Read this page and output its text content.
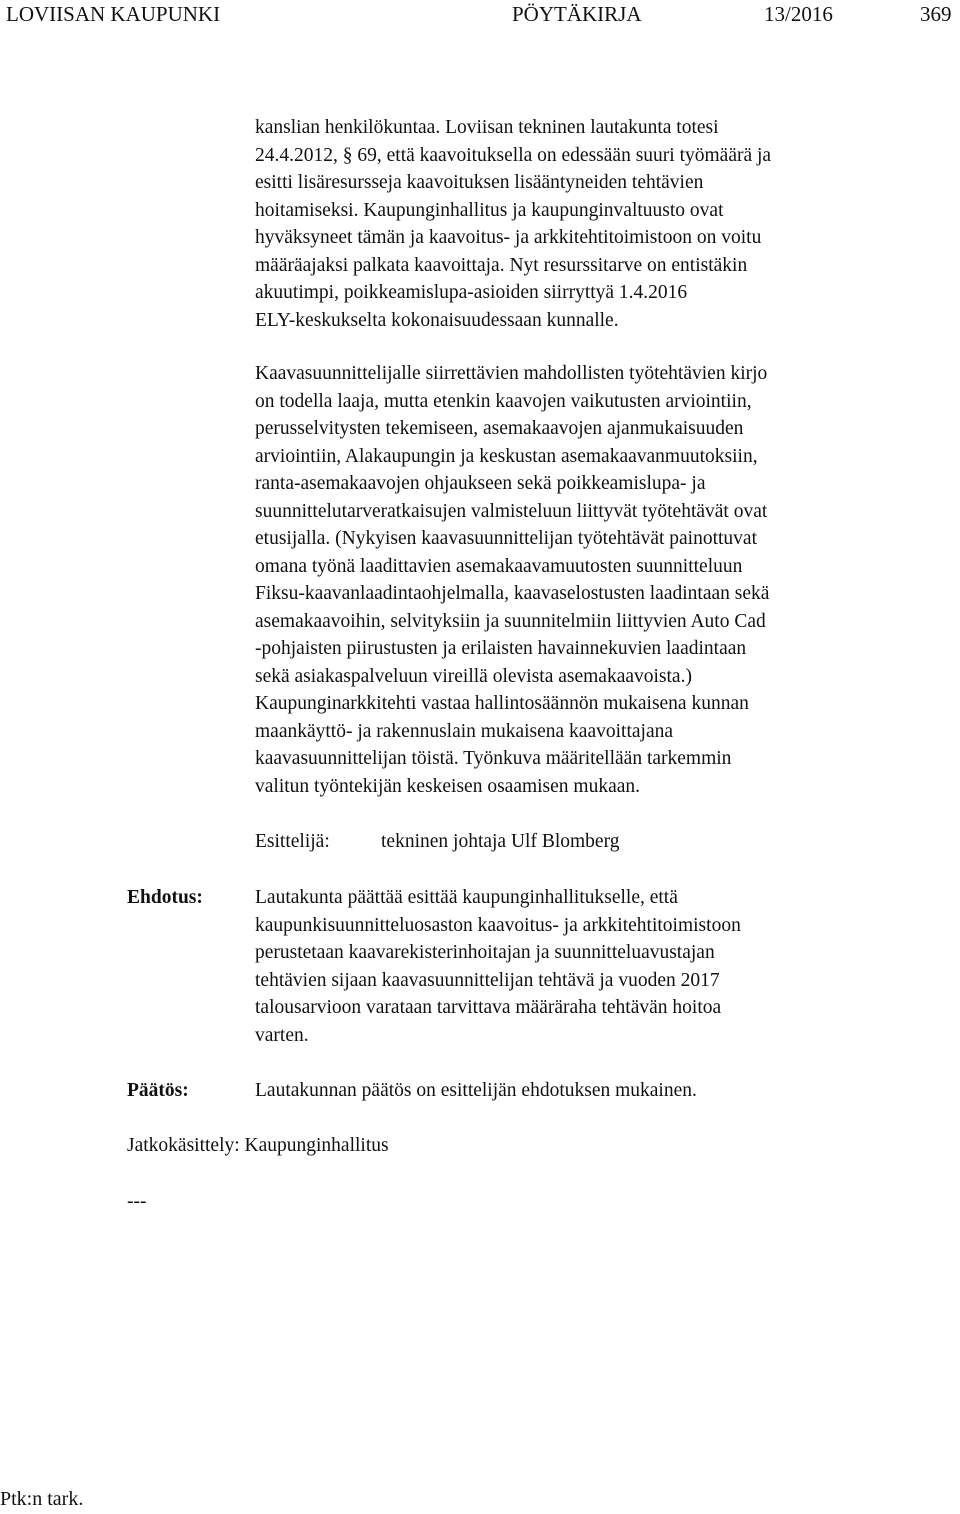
LOVIISAN KAUPUNKI	PÖYTÄKIRJA	13/2016	369
kanslian henkilökuntaa. Loviisan tekninen lautakunta totesi
24.4.2012, § 69, että kaavoituksella on edessään suuri työmäärä ja
esitti lisäresursseja kaavoituksen lisääntyneiden tehtävien
hoitamiseksi. Kaupunginhallitus ja kaupunginvaltuusto ovat
hyväksyneet tämän ja kaavoitus- ja arkkitehtitoimistoon on voitu
määräajaksi palkata kaavoittaja. Nyt resurssitarve on entistäkin
akuutimpi, poikkeamislupa-asioiden siirryttyä 1.4.2016
ELY-keskukselta kokonaisuudessaan kunnalle.
Kaavasuunnittelijalle siirrettävien mahdollisten työtehtävien kirjo
on todella laaja, mutta etenkin kaavojen vaikutusten arviointiin,
perusselvitysten tekemiseen, asemakaavojen ajanmukaisuuden
arviointiin, Alakaupungin ja keskustan asemakaavanmuutoksiin,
ranta-asemakaavojen ohjaukseen sekä poikkeamislupa- ja
suunnittelutarveratkaisujen valmisteluun liittyvät työtehtävät ovat
etusijalla. (Nykyisen kaavasuunnittelijan työtehtävät painottuvat
omana työnä laadittavien asemakaavamuutosten suunnitteluun
Fiksu-kaavanlaadintaohjelmalla, kaavaselostusten laadintaan sekä
asemakaavoihin, selvityksiin ja suunnitelmiin liittyvien Auto Cad
-pohjaisten piirustusten ja erilaisten havainnekuvien laadintaan
sekä asiakaspalveluun vireillä olevista asemakaavoista.)
Kaupunginarkkitehti vastaa hallintosäännön mukaisena kunnan
maankäyttö- ja rakennuslain mukaisena kaavoittajana
kaavasuunnittelijan töistä. Työnkuva määritellään tarkemmin
valitun työntekijän keskeisen osaamisen mukaan.
Esittelijä:	tekninen johtaja Ulf Blomberg
Ehdotus:	Lautakunta päättää esittää kaupunginhallitukselle, että
kaupunkisuunnitteluosaston kaavoitus- ja arkkitehtitoimistoon
perustetaan kaavarekisterinhoitajan ja suunnitteluavustajan
tehtävien sijaan kaavasuunnittelijan tehtävä ja vuoden 2017
talousarvioon varataan tarvittava määräraha tehtävän hoitoa
varten.
Päätös:	Lautakunnan päätös on esittelijän ehdotuksen mukainen.
Jatkokäsittely: Kaupunginhallitus
---
Ptk:n tark.
